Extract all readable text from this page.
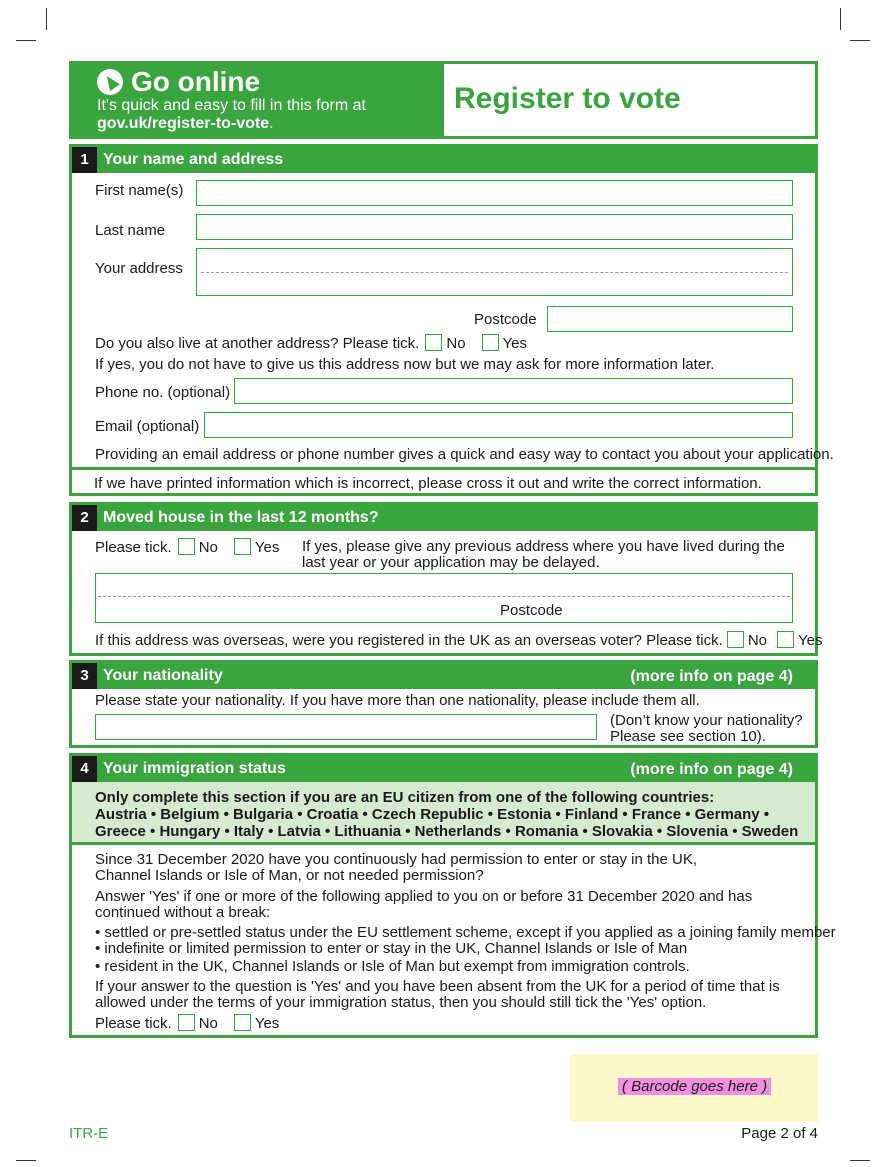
Go online
It's quick and easy to fill in this form at
gov.uk/register-to-vote.
Register to vote
1 Your name and address
First name(s)
Last name
Your address
Postcode
Do you also live at another address? Please tick. No Yes
If yes, you do not have to give us this address now but we may ask for more information later.
Phone no. (optional)
Email (optional)
Providing an email address or phone number gives a quick and easy way to contact you about your application.
If we have printed information which is incorrect, please cross it out and write the correct information.
2 Moved house in the last 12 months?
Please tick. No Yes If yes, please give any previous address where you have lived during the
last year or your application may be delayed.
Postcode
If this address was overseas, were you registered in the UK as an overseas voter? Please tick. No Yes
3 Your nationality	(more info on page 4)
Please state your nationality. If you have more than one nationality, please include them all.
(Don’t know your nationality?
Please see section 10).
4 Your immigration status	(more info on page 4)
Only complete this section if you are an EU citizen from one of the following countries:
Austria • Belgium • Bulgaria • Croatia • Czech Republic • Estonia • Finland • France • Germany •
Greece • Hungary • Italy • Latvia • Lithuania • Netherlands • Romania • Slovakia • Slovenia • Sweden
Since 31 December 2020 have you continuously had permission to enter or stay in the UK,
Channel Islands or Isle of Man, or not needed permission?
Answer 'Yes' if one or more of the following applied to you on or before 31 December 2020 and has
continued without a break:
• settled or pre-settled status under the EU settlement scheme, except if you applied as a joining family member
• indefinite or limited permission to enter or stay in the UK, Channel Islands or Isle of Man
• resident in the UK, Channel Islands or Isle of Man but exempt from immigration controls.
If your answer to the question is 'Yes' and you have been absent from the UK for a period of time that is
allowed under the terms of your immigration status, then you should still tick the 'Yes' option.
Please tick. No Yes
( Barcode goes here )
ITR-E	Page 2 of 4
